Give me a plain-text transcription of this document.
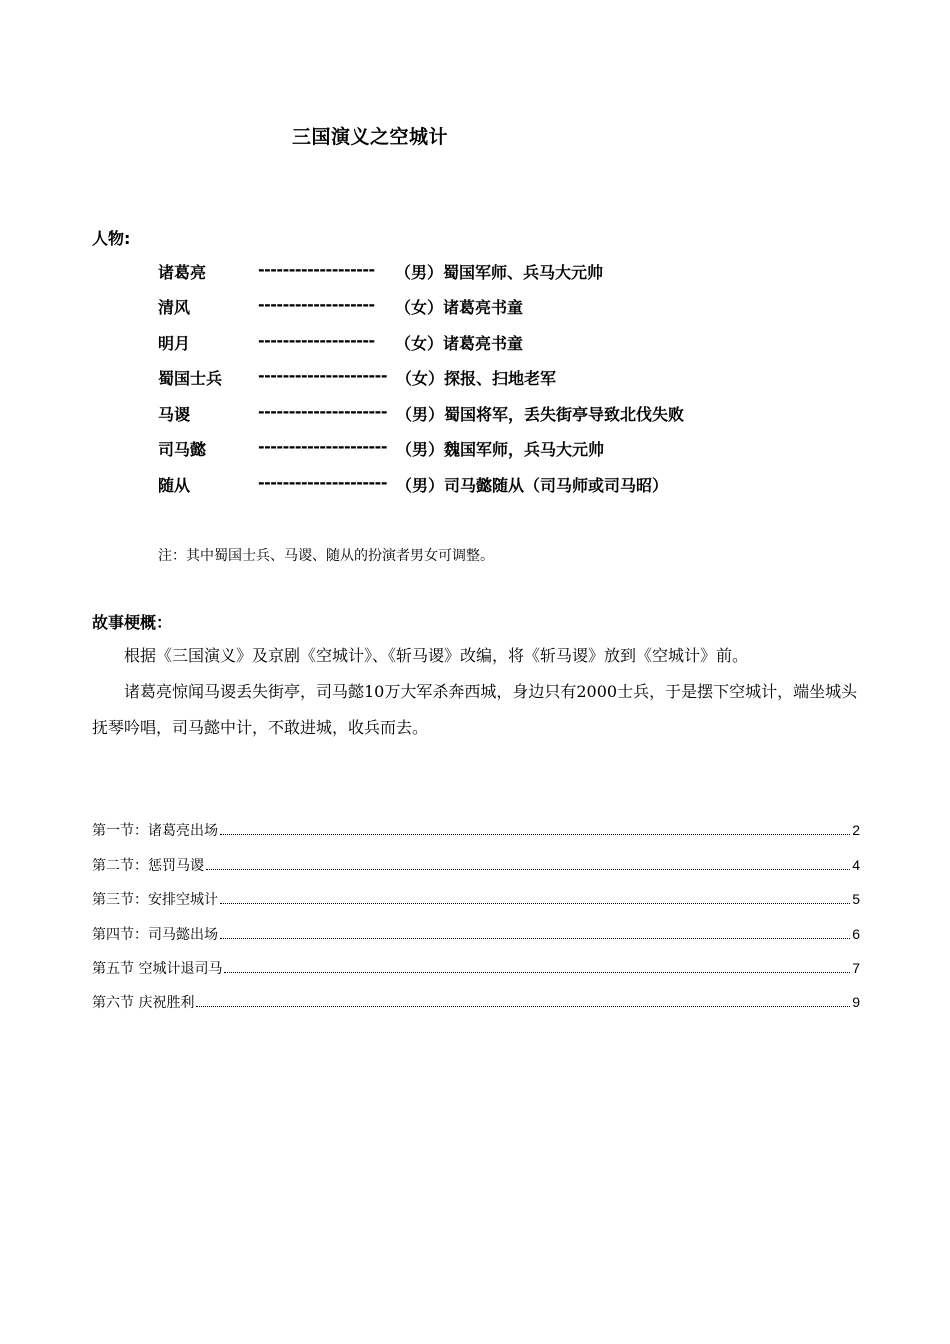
三国演义之空城计
人物:
诸葛亮	------------------- （男）蜀国军师、兵马大元帅
清风	------------------- （女）诸葛亮书童
明月	------------------- （女）诸葛亮书童
蜀国士兵 --------------------- （女）探报、扫地老军
马谡	--------------------- （男）蜀国将军，丢失街亭导致北伐失败
司马懿	--------------------- （男）魏国军师，兵马大元帅
随从	--------------------- （男）司马懿随从（司马师或司马昭）
注：其中蜀国士兵、马谡、随从的扮演者男女可调整。
故事梗概：
根据《三国演义》及京剧《空城计》、《斩马谡》改编，将《斩马谡》放到《空城计》前。
诸葛亮惊闻马谡丢失街亭，司马懿10万大军杀奔西城，身边只有2000士兵，于是摆下空城计，端坐城头抚琴吟唱，司马懿中计，不敢进城，收兵而去。
第一节：诸葛亮出场	2
第二节：惩罚马谡	4
第三节：安排空城计	5
第四节：司马懿出场	6
第五节 空城计退司马	7
第六节 庆祝胜利	9
